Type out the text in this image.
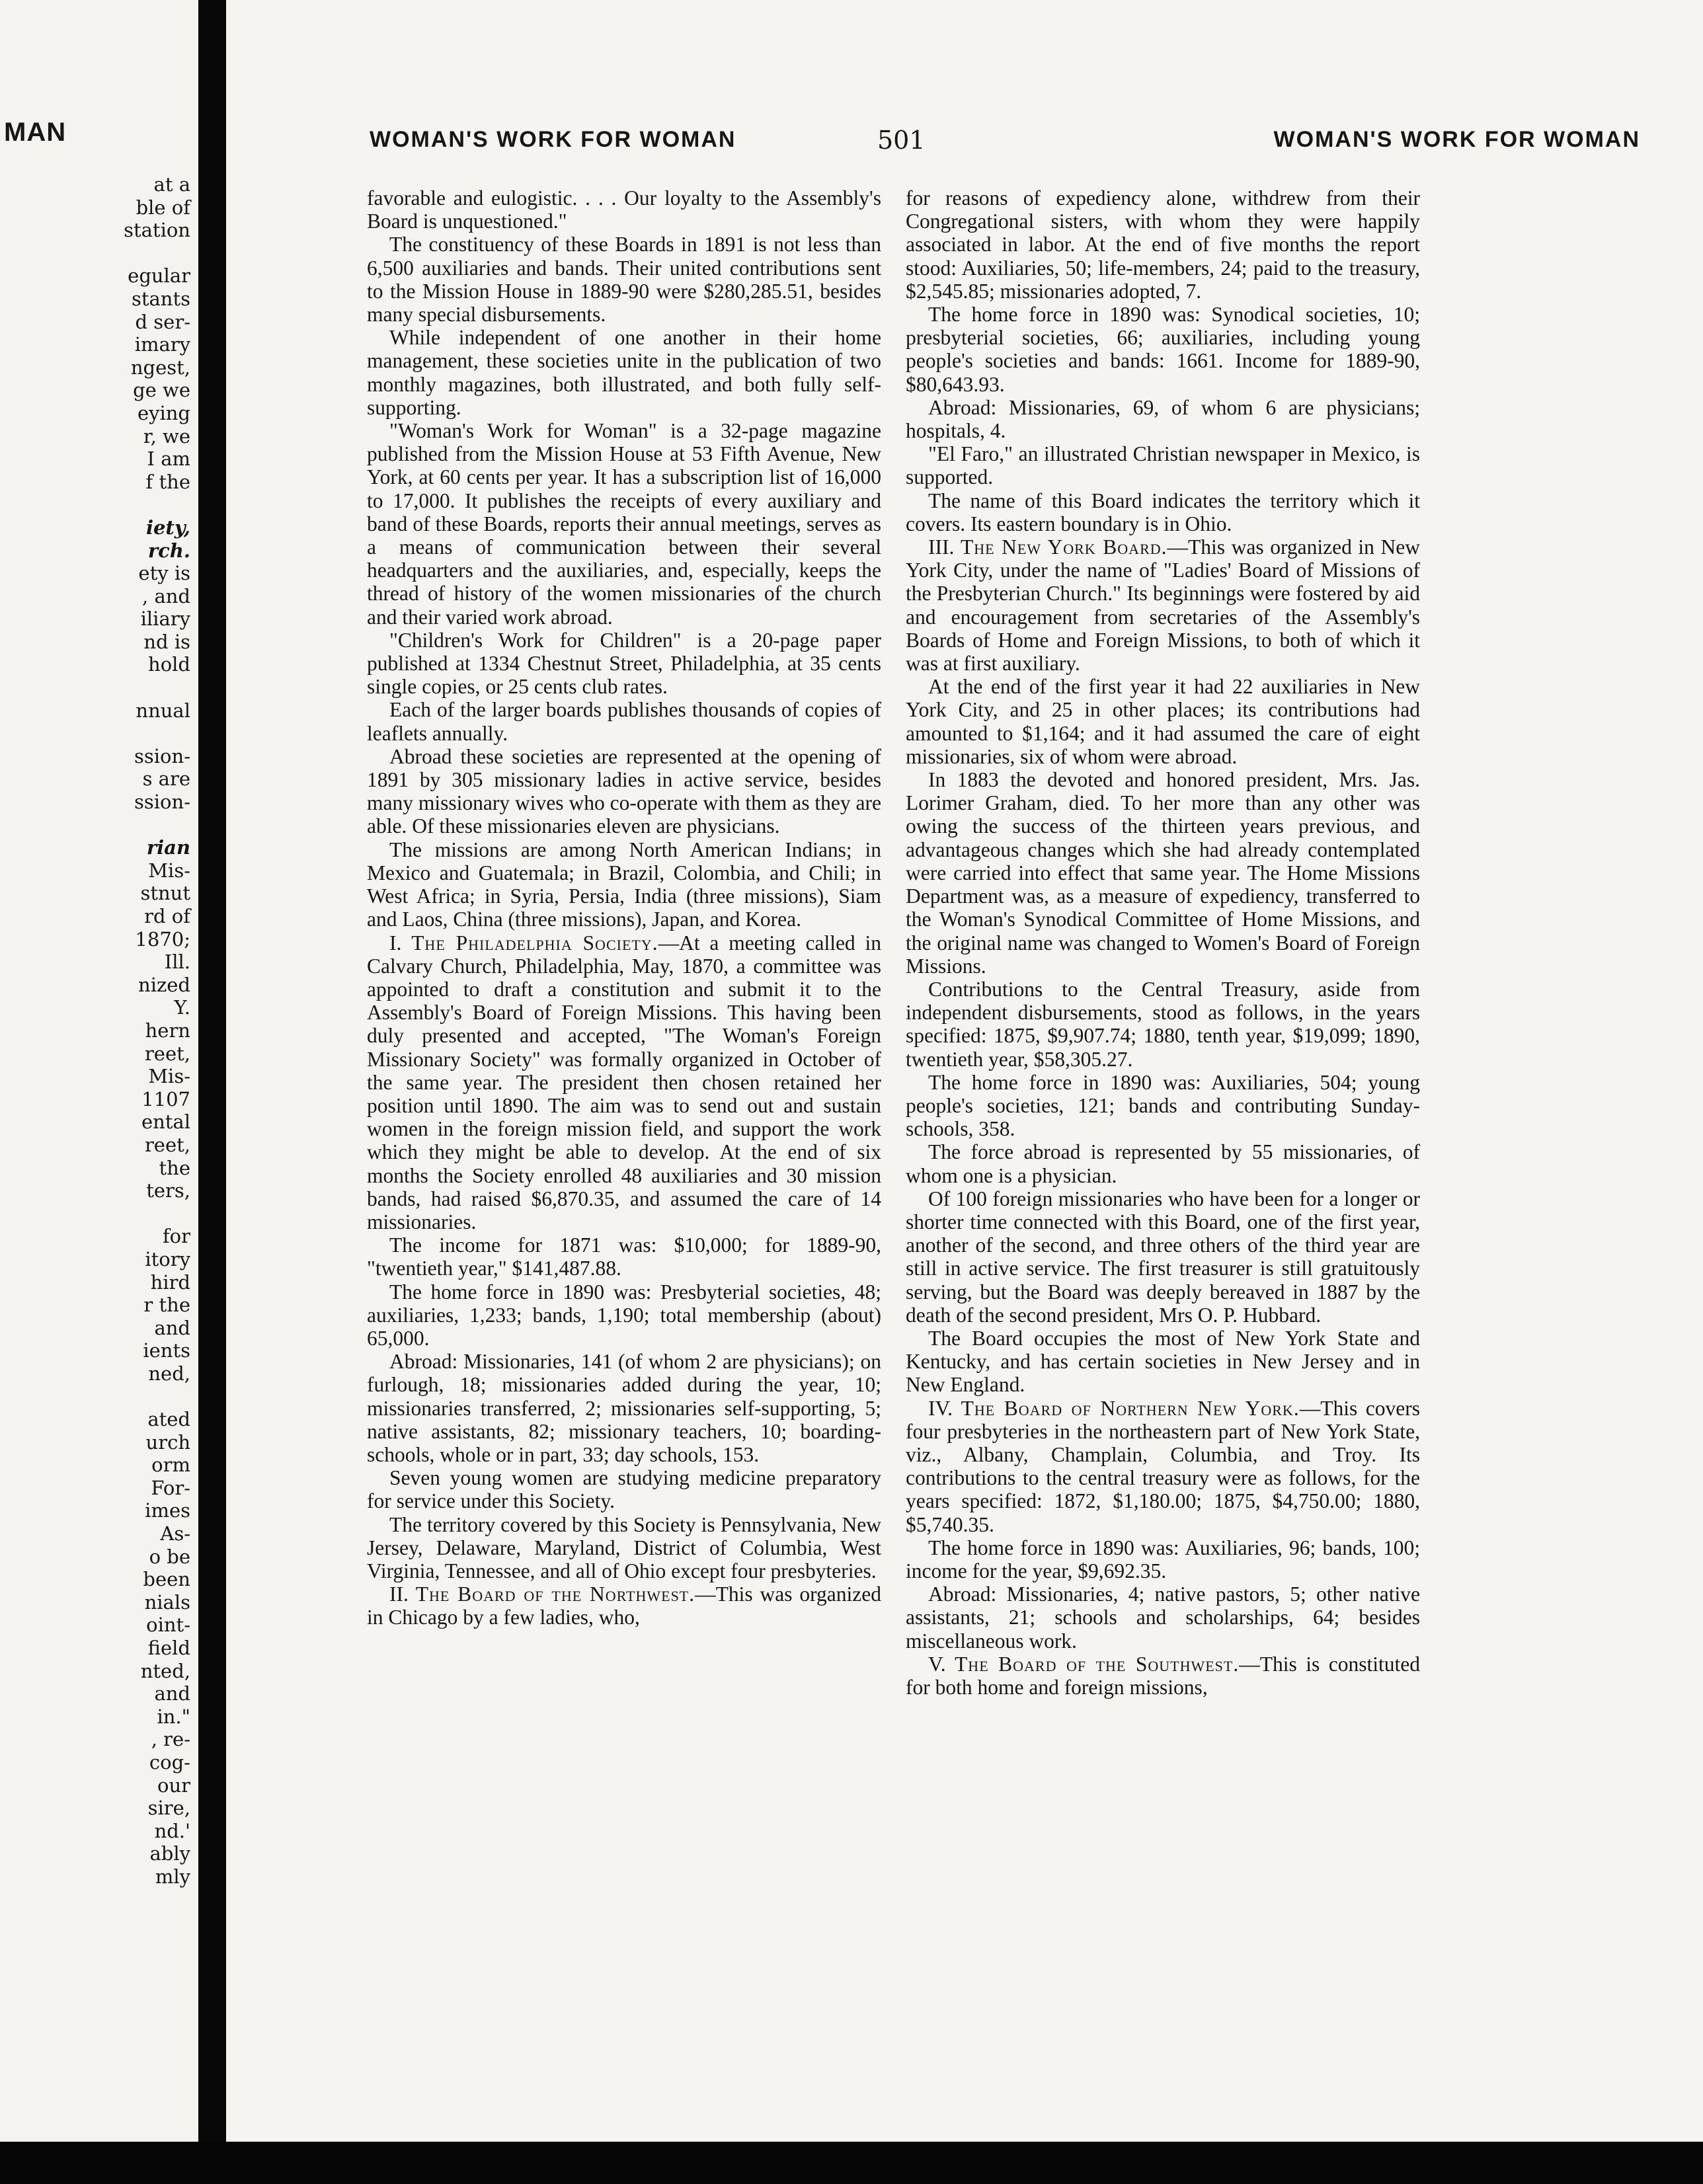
MAN
at a
ble of
station
egular
stants
d ser-
imary
ngest,
ge we
eying
r, we
I am
f the
iety,
rch.
ety is
, and
iliary
nd is
hold
nnual
ssion-
s are
ssion-
rian
Mis-
stnut
rd of
1870;
Ill.
nized
Y.
hern
reet,
Mis-
1107
ental
reet,
the
ters,
for
itory
hird
r the
and
ients
ned,
ated
urch
orm
For-
imes
As-
o be
been
nials
oint-
field
nted,
and
in."
, re-
cog-
our
sire,
nd.'
ably
mly
WOMAN'S WORK FOR WOMAN	501	WOMAN'S WORK FOR WOMAN

favorable and eulogistic. . . . Our loyalty to the Assembly's Board is unquestioned."

The constituency of these Boards in 1891 is not less than 6,500 auxiliaries and bands. Their united contributions sent to the Mission House in 1889-90 were $280,285.51, besides many special disbursements.

While independent of one another in their home management, these societies unite in the publication of two monthly magazines, both illustrated, and both fully self-supporting.

"Woman's Work for Woman" is a 32-page magazine published from the Mission House at 53 Fifth Avenue, New York, at 60 cents per year. It has a subscription list of 16,000 to 17,000. It publishes the receipts of every auxiliary and band of these Boards, reports their annual meetings, serves as a means of communication between their several headquarters and the auxiliaries, and, especially, keeps the thread of history of the women missionaries of the church and their varied work abroad.

"Children's Work for Children" is a 20-page paper published at 1334 Chestnut Street, Philadelphia, at 35 cents single copies, or 25 cents club rates.

Each of the larger boards publishes thousands of copies of leaflets annually.

Abroad these societies are represented at the opening of 1891 by 305 missionary ladies in active service, besides many missionary wives who co-operate with them as they are able. Of these missionaries eleven are physicians.

The missions are among North American Indians; in Mexico and Guatemala; in Brazil, Colombia, and Chili; in West Africa; in Syria, Persia, India (three missions), Siam and Laos, China (three missions), Japan, and Korea.

I. The Philadelphia Society.—At a meeting called in Calvary Church, Philadelphia, May, 1870, a committee was appointed to draft a constitution and submit it to the Assembly's Board of Foreign Missions. This having been duly presented and accepted, "The Woman's Foreign Missionary Society" was formally organized in October of the same year. The president then chosen retained her position until 1890. The aim was to send out and sustain women in the foreign mission field, and support the work which they might be able to develop. At the end of six months the Society enrolled 48 auxiliaries and 30 mission bands, had raised $6,870.35, and assumed the care of 14 missionaries.

The income for 1871 was: $10,000; for 1889-90, "twentieth year," $141,487.88.

The home force in 1890 was: Presbyterial societies, 48; auxiliaries, 1,233; bands, 1,190; total membership (about) 65,000.

Abroad: Missionaries, 141 (of whom 2 are physicians); on furlough, 18; missionaries added during the year, 10; missionaries transferred, 2; missionaries self-supporting, 5; native assistants, 82; missionary teachers, 10; boarding-schools, whole or in part, 33; day schools, 153.

Seven young women are studying medicine preparatory for service under this Society.

The territory covered by this Society is Pennsylvania, New Jersey, Delaware, Maryland, District of Columbia, West Virginia, Tennessee, and all of Ohio except four presbyteries.

II. The Board of the Northwest.—This was organized in Chicago by a few ladies, who,

for reasons of expediency alone, withdrew from their Congregational sisters, with whom they were happily associated in labor. At the end of five months the report stood: Auxiliaries, 50; life-members, 24; paid to the treasury, $2,545.85; missionaries adopted, 7.

The home force in 1890 was: Synodical societies, 10; presbyterial societies, 66; auxiliaries, including young people's societies and bands: 1661. Income for 1889-90, $80,643.93.

Abroad: Missionaries, 69, of whom 6 are physicians; hospitals, 4.

"El Faro," an illustrated Christian newspaper in Mexico, is supported.

The name of this Board indicates the territory which it covers. Its eastern boundary is in Ohio.

III. The New York Board.—This was organized in New York City, under the name of "Ladies' Board of Missions of the Presbyterian Church." Its beginnings were fostered by aid and encouragement from secretaries of the Assembly's Boards of Home and Foreign Missions, to both of which it was at first auxiliary.

At the end of the first year it had 22 auxiliaries in New York City, and 25 in other places; its contributions had amounted to $1,164; and it had assumed the care of eight missionaries, six of whom were abroad.

In 1883 the devoted and honored president, Mrs. Jas. Lorimer Graham, died. To her more than any other was owing the success of the thirteen years previous, and advantageous changes which she had already contemplated were carried into effect that same year. The Home Missions Department was, as a measure of expediency, transferred to the Woman's Synodical Committee of Home Missions, and the original name was changed to Women's Board of Foreign Missions.

Contributions to the Central Treasury, aside from independent disbursements, stood as follows, in the years specified: 1875, $9,907.74; 1880, tenth year, $19,099; 1890, twentieth year, $58,305.27.

The home force in 1890 was: Auxiliaries, 504; young people's societies, 121; bands and contributing Sunday-schools, 358.

The force abroad is represented by 55 missionaries, of whom one is a physician.

Of 100 foreign missionaries who have been for a longer or shorter time connected with this Board, one of the first year, another of the second, and three others of the third year are still in active service. The first treasurer is still gratuitously serving, but the Board was deeply bereaved in 1887 by the death of the second president, Mrs O. P. Hubbard.

The Board occupies the most of New York State and Kentucky, and has certain societies in New Jersey and in New England.

IV. The Board of Northern New York.—This covers four presbyteries in the northeastern part of New York State, viz., Albany, Champlain, Columbia, and Troy. Its contributions to the central treasury were as follows, for the years specified: 1872, $1,180.00; 1875, $4,750.00; 1880, $5,740.35.

The home force in 1890 was: Auxiliaries, 96; bands, 100; income for the year, $9,692.35.

Abroad: Missionaries, 4; native pastors, 5; other native assistants, 21; schools and scholarships, 64; besides miscellaneous work.

V. The Board of the Southwest.—This is constituted for both home and foreign missions,
